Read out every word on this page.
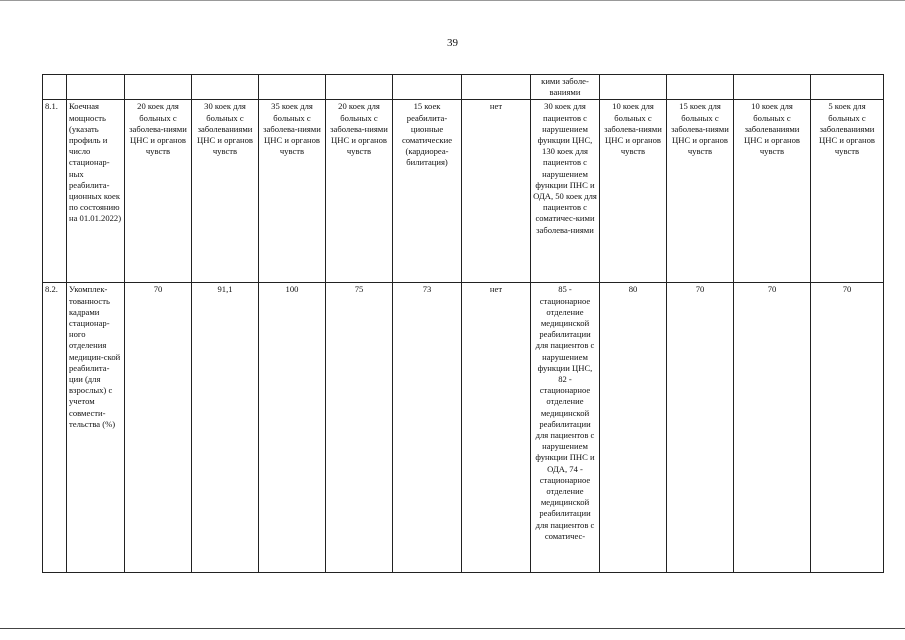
39
								кими заболе-
ваниями				
8.1.	Коечная мощность (указать профиль и число стационар-ных реабилита-ционных коек по состоянию на 01.01.2022)	20 коек для больных с заболева-ниями ЦНС и органов чувств	30 коек для больных с заболеваниями ЦНС и органов чувств	35 коек для больных с заболева-ниями ЦНС и органов чувств	20 коек для больных с заболева-ниями ЦНС и органов чувств	15 коек реабилита-ционные соматические (кардиореа-билитация)	нет	30 коек для пациентов с нарушением функции ЦНС, 130 коек для пациентов с нарушением функции ПНС и ОДА, 50 коек для пациентов с соматичес-кими заболева-ниями	10 коек для больных с заболева-ниями ЦНС и органов чувств	15 коек для больных с заболева-ниями ЦНС и органов чувств	10 коек для больных с заболеваниями ЦНС и органов чувств	5 коек для больных с заболеваниями ЦНС и органов чувств
8.2.	Укомплек-тованность кадрами стационар-ного отделения медицин-ской реабилита-ции (для взрослых) с учетом совмести-тельства (%)	70	91,1	100	75	73	нет	85 - стационарное отделение медицинской реабилитации для пациентов с нарушением функции ЦНС, 82 - стационарное отделение медицинской реабилитации для пациентов с нарушением функции ПНС и ОДА, 74 - стационарное отделение медицинской реабилитации для пациентов с соматичес-	80	70	70	70
